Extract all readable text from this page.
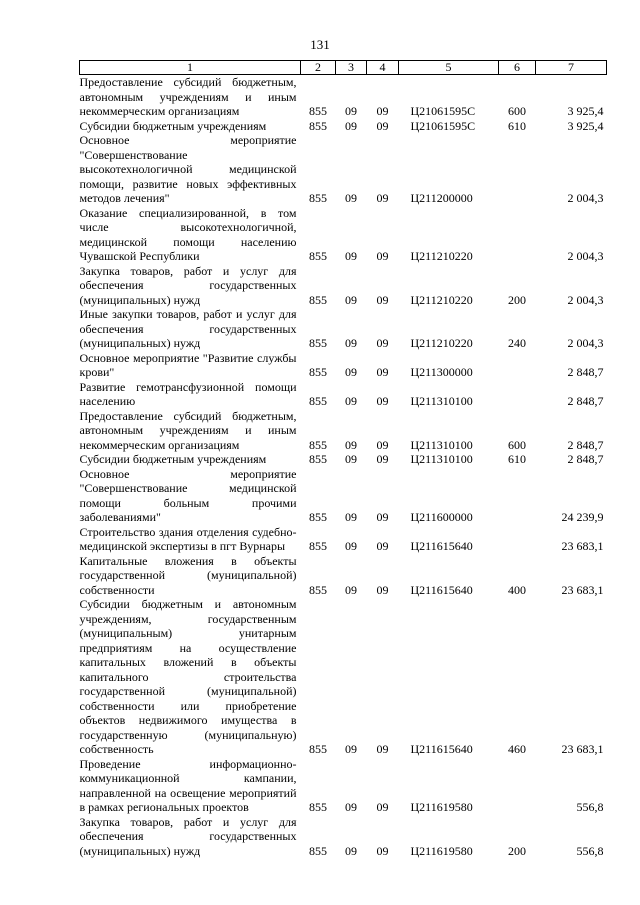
131
1	2	3	4	5	6	7
Предоставление субсидий бюджетным, автономным учреждениям и иным некоммерческим организациям	855	09	09	Ц21061595С	600	3 925,4
Субсидии бюджетным учреждениям	855	09	09	Ц21061595С	610	3 925,4
Основное мероприятие "Совершенствование высокотехнологичной медицинской помощи, развитие новых эффективных методов лечения"	855	09	09	Ц211200000		2 004,3
Оказание специализированной, в том числе высокотехнологичной, медицинской помощи населению Чувашской Республики	855	09	09	Ц211210220		2 004,3
Закупка товаров, работ и услуг для обеспечения государственных (муниципальных) нужд	855	09	09	Ц211210220	200	2 004,3
Иные закупки товаров, работ и услуг для обеспечения государственных (муниципальных) нужд	855	09	09	Ц211210220	240	2 004,3
Основное мероприятие "Развитие службы крови"	855	09	09	Ц211300000		2 848,7
Развитие гемотрансфузионной помощи населению	855	09	09	Ц211310100		2 848,7
Предоставление субсидий бюджетным, автономным учреждениям и иным некоммерческим организациям	855	09	09	Ц211310100	600	2 848,7
Субсидии бюджетным учреждениям	855	09	09	Ц211310100	610	2 848,7
Основное мероприятие "Совершенствование медицинской помощи больным прочими заболеваниями"	855	09	09	Ц211600000		24 239,9
Строительство здания отделения судебно-медицинской экспертизы в пгт Вурнары	855	09	09	Ц211615640		23 683,1
Капитальные вложения в объекты государственной (муниципальной) собственности	855	09	09	Ц211615640	400	23 683,1
Субсидии бюджетным и автономным учреждениям, государственным (муниципальным) унитарным предприятиям на осуществление капитальных вложений в объекты капитального строительства государственной (муниципальной) собственности или приобретение объектов недвижимого имущества в государственную (муниципальную) собственность	855	09	09	Ц211615640	460	23 683,1
Проведение информационно-коммуникационной кампании, направленной на освещение мероприятий в рамках региональных проектов	855	09	09	Ц211619580		556,8
Закупка товаров, работ и услуг для обеспечения государственных (муниципальных) нужд	855	09	09	Ц211619580	200	556,8
